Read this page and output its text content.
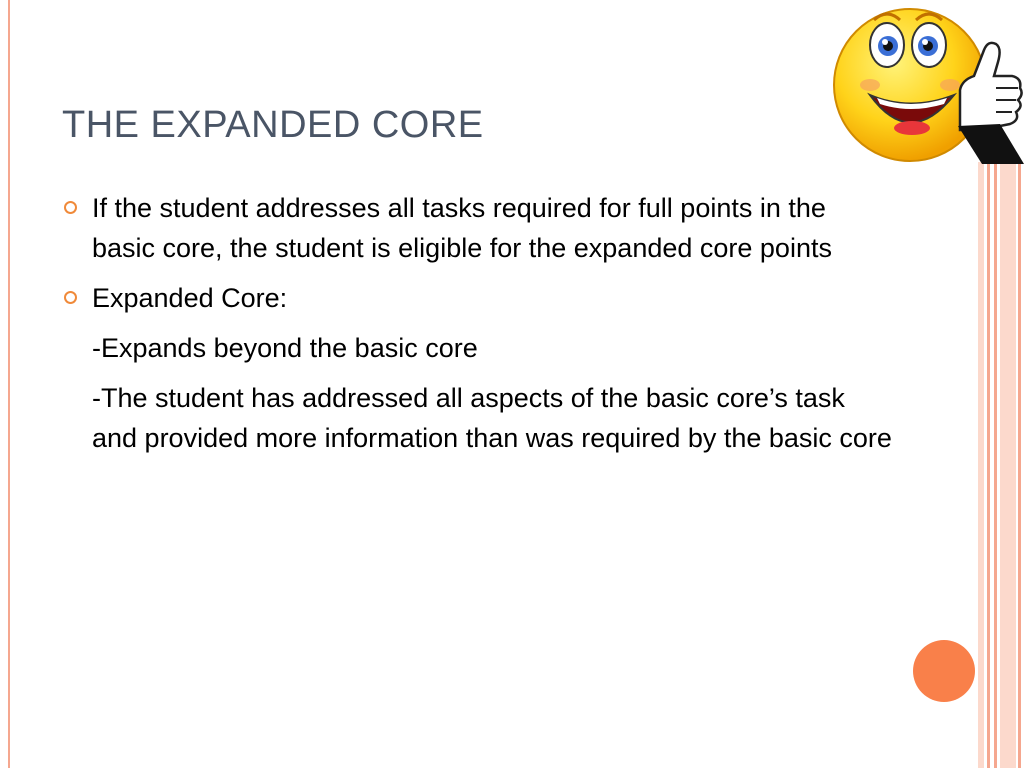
THE EXPANDED CORE
If the student addresses all tasks required for full points in the basic core, the student is eligible for the expanded core points
Expanded Core:
-Expands beyond the basic core
-The student has addressed all aspects of the basic core’s task and provided more information than was required by the basic core
